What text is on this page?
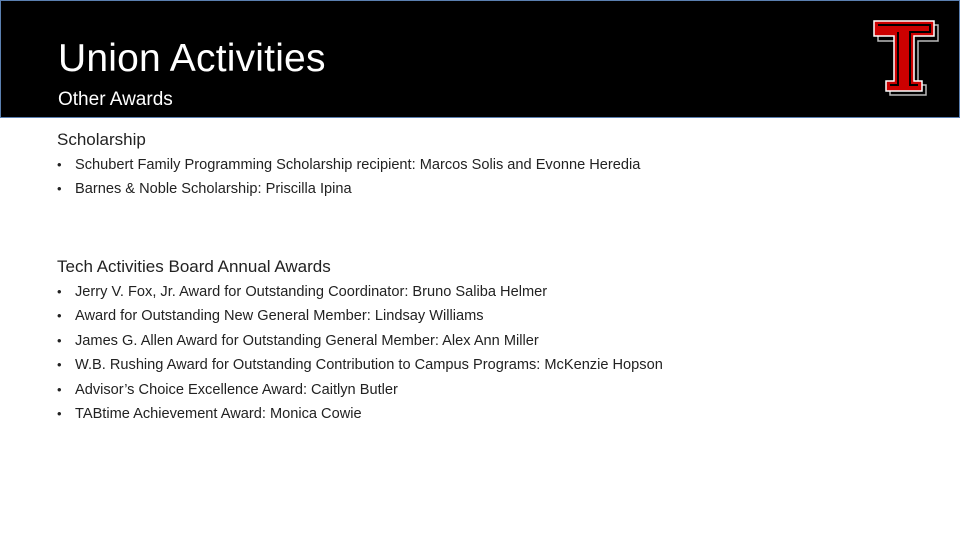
Union Activities
Other Awards
Scholarship
• Schubert Family Programming Scholarship recipient: Marcos Solis and Evonne Heredia
• Barnes & Noble Scholarship: Priscilla Ipina
Tech Activities Board Annual Awards
• Jerry V. Fox, Jr. Award for Outstanding Coordinator: Bruno Saliba Helmer
• Award for Outstanding New General Member: Lindsay Williams
• James G. Allen Award for Outstanding General Member: Alex Ann Miller
• W.B. Rushing Award for Outstanding Contribution to Campus Programs: McKenzie Hopson
• Advisor’s Choice Excellence Award: Caitlyn Butler
• TABtime Achievement Award: Monica Cowie
